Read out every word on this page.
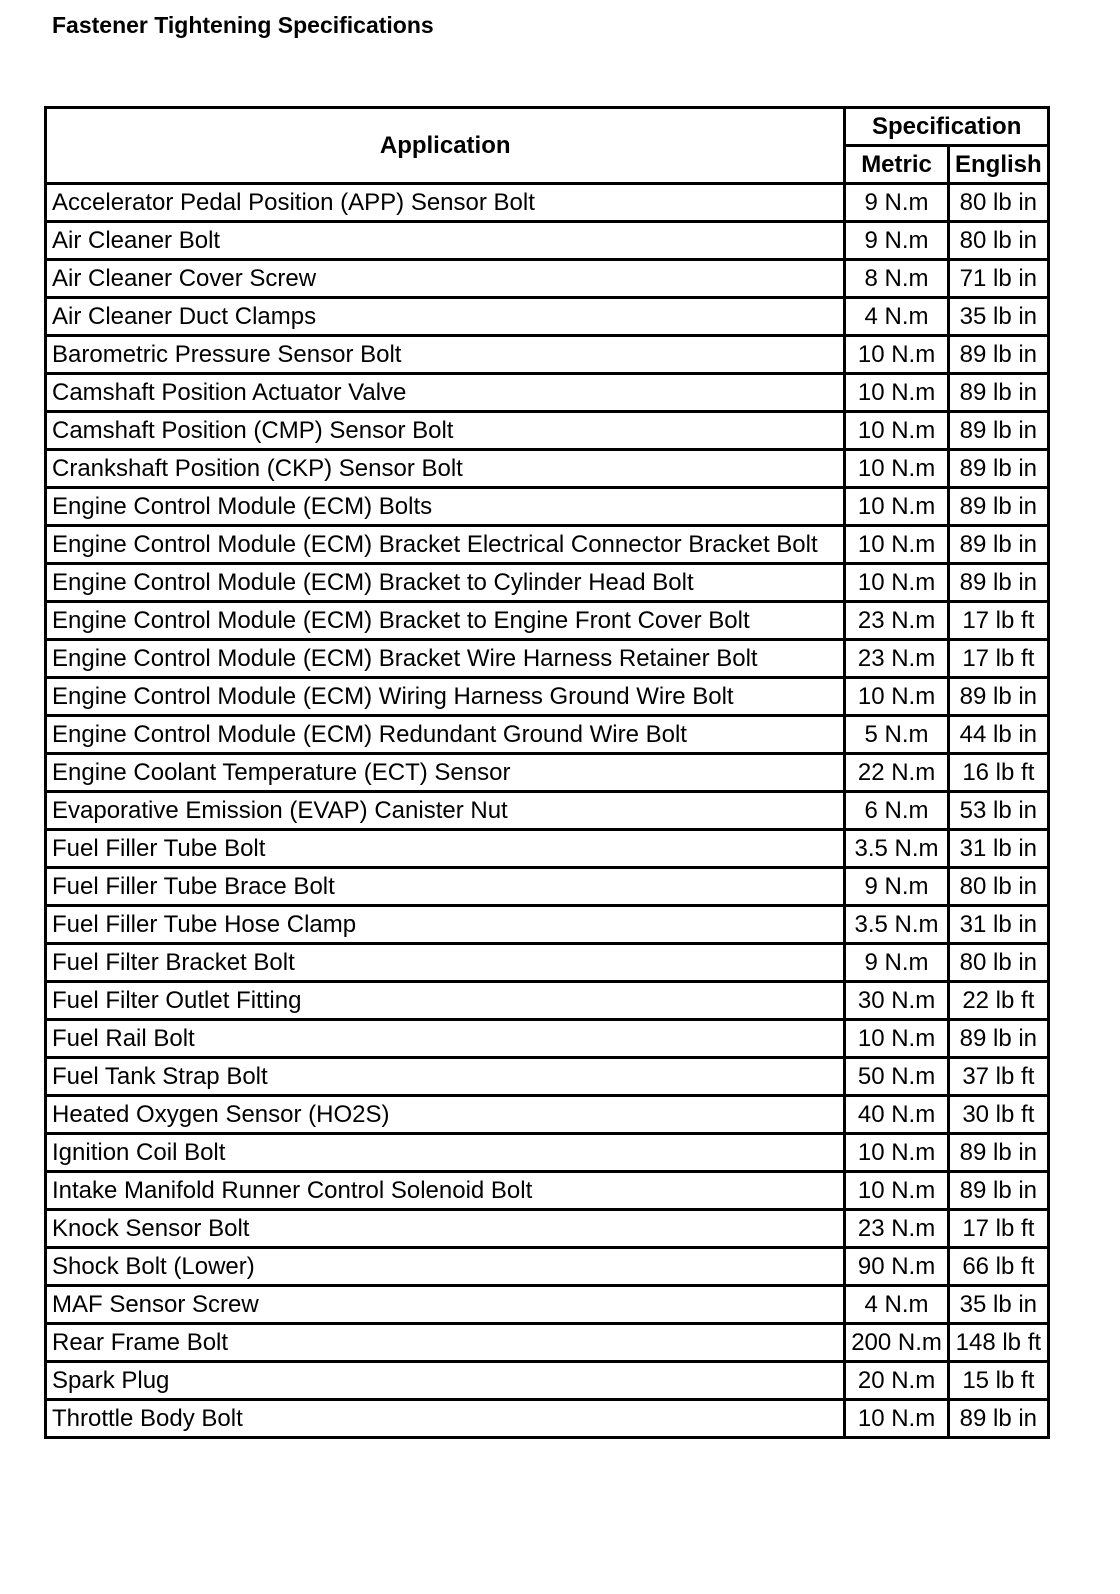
Fastener Tightening Specifications
Application	Specification	
	Metric	English
Accelerator Pedal Position (APP) Sensor Bolt	9 N.m	80 lb in
Air Cleaner Bolt	9 N.m	80 lb in
Air Cleaner Cover Screw	8 N.m	71 lb in
Air Cleaner Duct Clamps	4 N.m	35 lb in
Barometric Pressure Sensor Bolt	10 N.m	89 lb in
Camshaft Position Actuator Valve	10 N.m	89 lb in
Camshaft Position (CMP) Sensor Bolt	10 N.m	89 lb in
Crankshaft Position (CKP) Sensor Bolt	10 N.m	89 lb in
Engine Control Module (ECM) Bolts	10 N.m	89 lb in
Engine Control Module (ECM) Bracket Electrical Connector Bracket Bolt	10 N.m	89 lb in
Engine Control Module (ECM) Bracket to Cylinder Head Bolt	10 N.m	89 lb in
Engine Control Module (ECM) Bracket to Engine Front Cover Bolt	23 N.m	17 lb ft
Engine Control Module (ECM) Bracket Wire Harness Retainer Bolt	23 N.m	17 lb ft
Engine Control Module (ECM) Wiring Harness Ground Wire Bolt	10 N.m	89 lb in
Engine Control Module (ECM) Redundant Ground Wire Bolt	5 N.m	44 lb in
Engine Coolant Temperature (ECT) Sensor	22 N.m	16 lb ft
Evaporative Emission (EVAP) Canister Nut	6 N.m	53 lb in
Fuel Filler Tube Bolt	3.5 N.m	31 lb in
Fuel Filler Tube Brace Bolt	9 N.m	80 lb in
Fuel Filler Tube Hose Clamp	3.5 N.m	31 lb in
Fuel Filter Bracket Bolt	9 N.m	80 lb in
Fuel Filter Outlet Fitting	30 N.m	22 lb ft
Fuel Rail Bolt	10 N.m	89 lb in
Fuel Tank Strap Bolt	50 N.m	37 lb ft
Heated Oxygen Sensor (HO2S)	40 N.m	30 lb ft
Ignition Coil Bolt	10 N.m	89 lb in
Intake Manifold Runner Control Solenoid Bolt	10 N.m	89 lb in
Knock Sensor Bolt	23 N.m	17 lb ft
Shock Bolt (Lower)	90 N.m	66 lb ft
MAF Sensor Screw	4 N.m	35 lb in
Rear Frame Bolt	200 N.m	148 lb ft
Spark Plug	20 N.m	15 lb ft
Throttle Body Bolt	10 N.m	89 lb in
